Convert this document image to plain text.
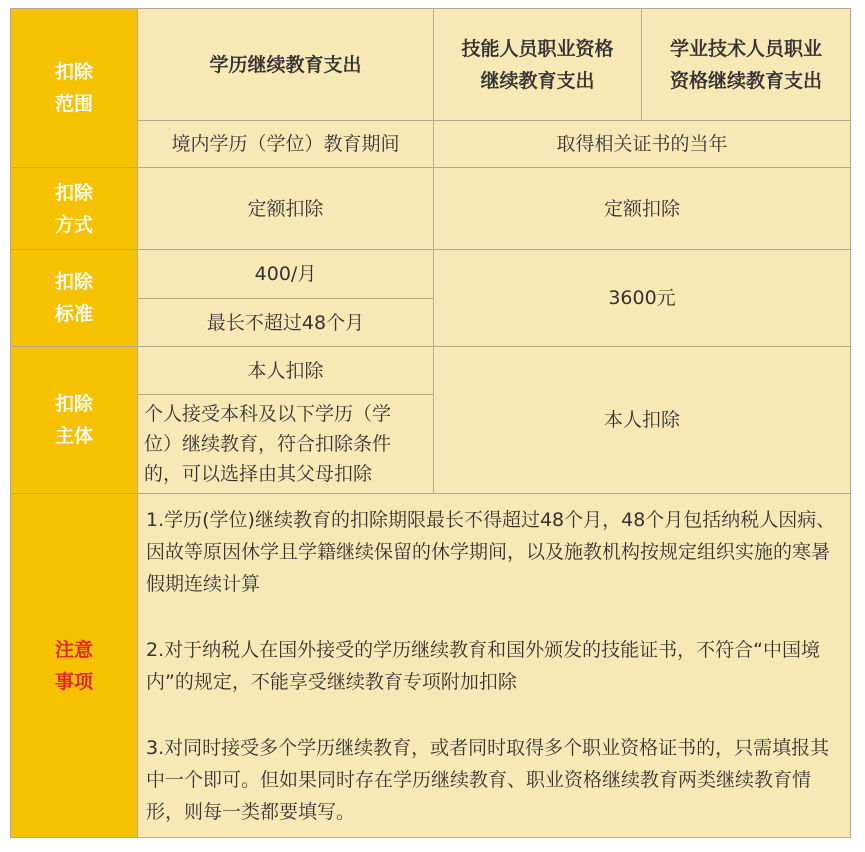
扣除
范围
学历继续教育支出
技能人员职业资格
继续教育支出
学业技术人员职业
资格继续教育支出
境内学历（学位）教育期间	取得相关证书的当年
扣除
方式
定额扣除	定额扣除
扣除
标准
400/月
最长不超过48个月
3600元
扣除
主体
本人扣除
个人接受本科及以下学历（学
位）继续教育，符合扣除条件
的，可以选择由其父母扣除
本人扣除
注意
事项

1.学历(学位)继续教育的扣除期限最长不得超过48个月，48个月包括纳税人因病、因故等原因休学且学籍继续保留的休学期间，以及施教机构按规定组织实施的寒暑假期连续计算

2.对于纳税人在国外接受的学历继续教育和国外颁发的技能证书，不符合“中国境内”的规定，不能享受继续教育专项附加扣除

3.对同时接受多个学历继续教育，或者同时取得多个职业资格证书的，只需填报其中一个即可。但如果同时存在学历继续教育、职业资格继续教育两类继续教育情形，则每一类都要填写。
